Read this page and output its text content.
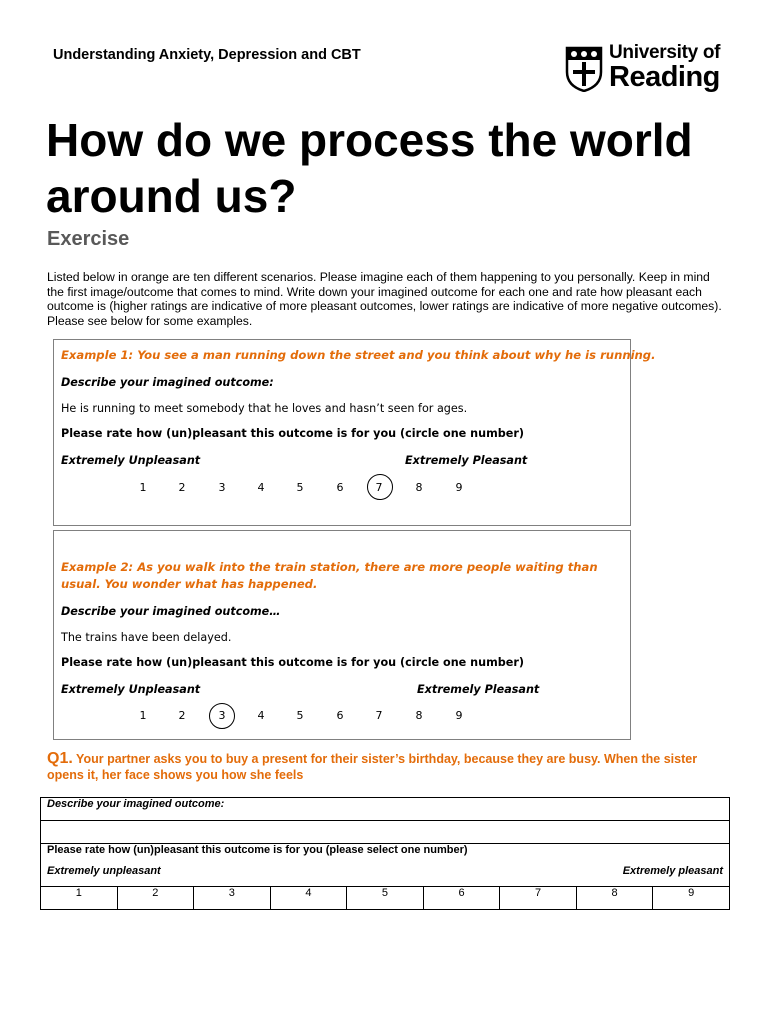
Understanding Anxiety, Depression and CBT	University of
Reading
How do we process the world around us?
Exercise
Listed below in orange are ten different scenarios. Please imagine each of them happening to you personally. Keep in mind the first image/outcome that comes to mind. Write down your imagined outcome for each one and rate how pleasant each outcome is (higher ratings are indicative of more pleasant outcomes, lower ratings are indicative of more negative outcomes). Please see below for some examples.
Example 1: You see a man running down the street and you think about why he is running.
Describe your imagined outcome:
He is running to meet somebody that he loves and hasn’t seen for ages.
Please rate how (un)pleasant this outcome is for you (circle one number)
Extremely Unpleasant	Extremely Pleasant
1	2	3	4	5	6	7	8	9
Example 2: As you walk into the train station, there are more people waiting than usual. You wonder what has happened.
Describe your imagined outcome…
The trains have been delayed.
Please rate how (un)pleasant this outcome is for you (circle one number)
Extremely Unpleasant	Extremely Pleasant
1	2	3	4	5	6	7	8	9
Q1. Your partner asks you to buy a present for their sister’s birthday, because they are busy. When the sister opens it, her face shows you how she feels
Describe your imagined outcome:

Please rate how (un)pleasant this outcome is for you (please select one number)
Extremely unpleasant	Extremely pleasant

1	2	3	4	5	6	7	8	9
